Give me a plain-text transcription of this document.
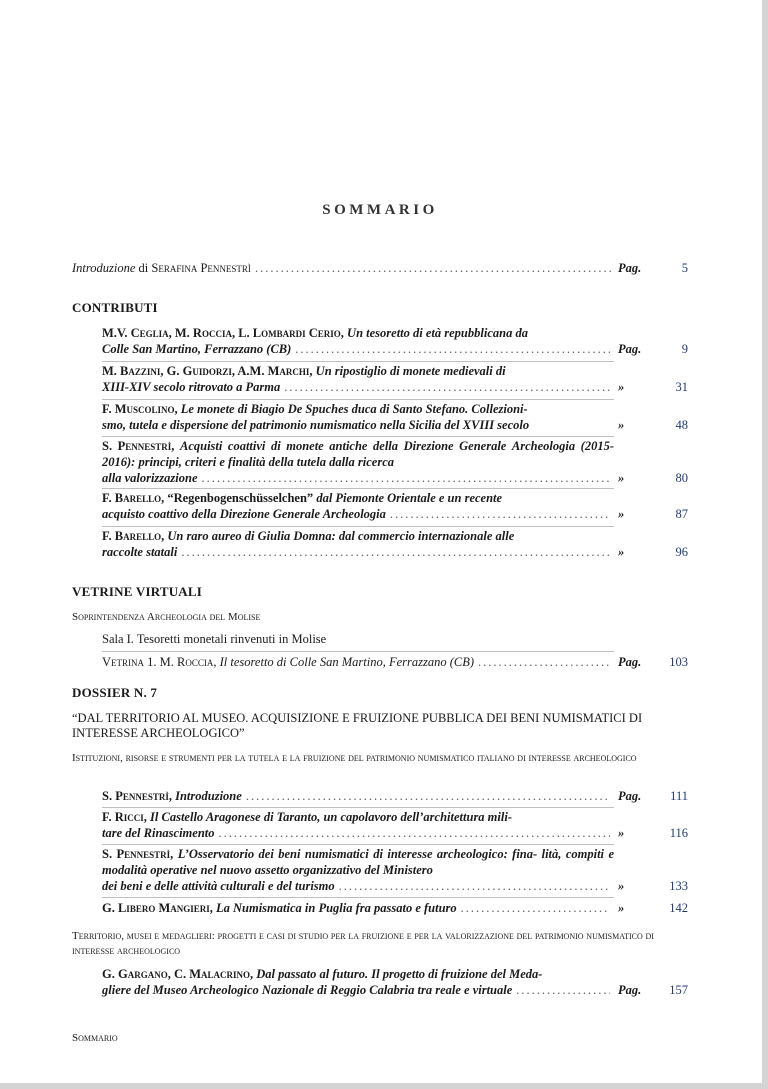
SOMMARIO
Introduzione di Serafina Pennestrì .....	Pag.	5
CONTRIBUTI
M.V. Ceglia, M. Roccia, L. Lombardi Cerio, Un tesoretto di età repubblicana da
Colle San Martino, Ferrazzano (CB) .....	Pag.	9
M. Bazzini, G. Guidorzi, A.M. Marchi, Un ripostiglio di monete medievali di
XIII-XIV secolo ritrovato a Parma .....	»	31
F. Muscolino, Le monete di Biagio De Spuches duca di Santo Stefano. Collezioni-
smo, tutela e dispersione del patrimonio numismatico nella Sicilia del XVIII secolo	»	48
S. Pennestrì, Acquisti coattivi di monete antiche della Direzione Generale Archeologia (2015-2016): principi, criteri e finalità della tutela dalla ricerca
alla valorizzazione .....	»	80
F. Barello, “Regenbogenschüsselchen” dal Piemonte Orientale e un recente
acquisto coattivo della Direzione Generale Archeologia .....	»	87
F. Barello, Un raro aureo di Giulia Domna: dal commercio internazionale alle
raccolte statali .....	»	96
VETRINE VIRTUALI
Soprintendenza Archeologia del Molise
Sala I. Tesoretti monetali rinvenuti in Molise
Vetrina 1. M. Roccia, Il tesoretto di Colle San Martino, Ferrazzano (CB) .....	Pag. 103
DOSSIER N. 7
“DAL TERRITORIO AL MUSEO. ACQUISIZIONE E FRUIZIONE PUBBLICA DEI BENI NUMISMATICI DI INTERESSE ARCHEOLOGICO”
Istituzioni, risorse e strumenti per la tutela e la fruizione del patrimonio numismatico italiano di interesse archeologico
S. Pennestrì, Introduzione .....	Pag. 111
F. Ricci, Il Castello Aragonese di Taranto, un capolavoro dell’architettura mili-
tare del Rinascimento .....	»	116
S. Pennestrì, L’Osservatorio dei beni numismatici di interesse archeologico: fina- lità, compiti e modalità operative nel nuovo assetto organizzativo del Ministero
dei beni e delle attività culturali e del turismo .....	»	133
G. Libero Mangieri, La Numismatica in Puglia fra passato e futuro .....	»	142
Territorio, musei e medaglieri: progetti e casi di studio per la fruizione e per la valorizzazione del patrimonio numismatico di interesse archeologico
G. Gargano, C. Malacrino, Dal passato al futuro. Il progetto di fruizione del Meda-
gliere del Museo Archeologico Nazionale di Reggio Calabria tra reale e virtuale .....	Pag. 157
Sommario
